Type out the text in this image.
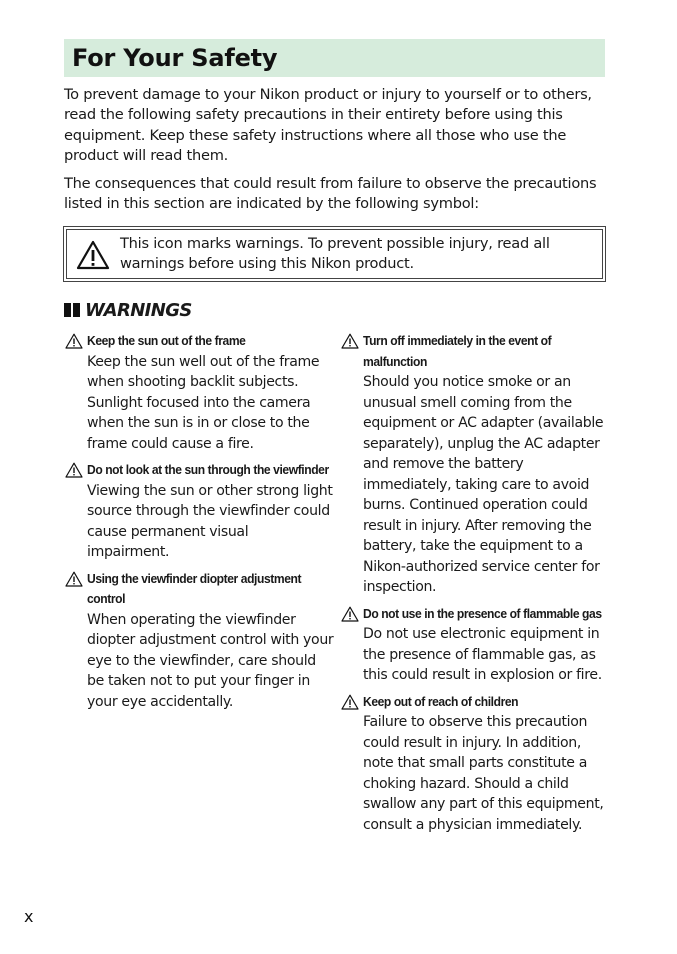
For Your Safety

To prevent damage to your Nikon product or injury to yourself or to others, read the following safety precautions in their entirety before using this equipment. Keep these safety instructions where all those who use the product will read them.

The consequences that could result from failure to observe the precautions listed in this section are indicated by the following symbol:

This icon marks warnings. To prevent possible injury, read all warnings before using this Nikon product.

WARNINGS
Keep the sun out of the frame
Keep the sun well out of the frame when shooting backlit subjects. Sunlight focused into the camera when the sun is in or close to the frame could cause a fire.
Do not look at the sun through the viewfinder
Viewing the sun or other strong light source through the viewfinder could cause permanent visual impairment.
Using the viewfinder diopter adjustment control
When operating the viewfinder diopter adjustment control with your eye to the viewfinder, care should be taken not to put your finger in your eye accidentally.
Turn off immediately in the event of malfunction
Should you notice smoke or an unusual smell coming from the equipment or AC adapter (available separately), unplug the AC adapter and remove the battery immediately, taking care to avoid burns. Continued operation could result in injury. After removing the battery, take the equipment to a Nikon-authorized service center for inspection.
Do not use in the presence of flammable gas
Do not use electronic equipment in the presence of flammable gas, as this could result in explosion or fire.
Keep out of reach of children
Failure to observe this precaution could result in injury. In addition, note that small parts constitute a choking hazard. Should a child swallow any part of this equipment, consult a physician immediately.
x
